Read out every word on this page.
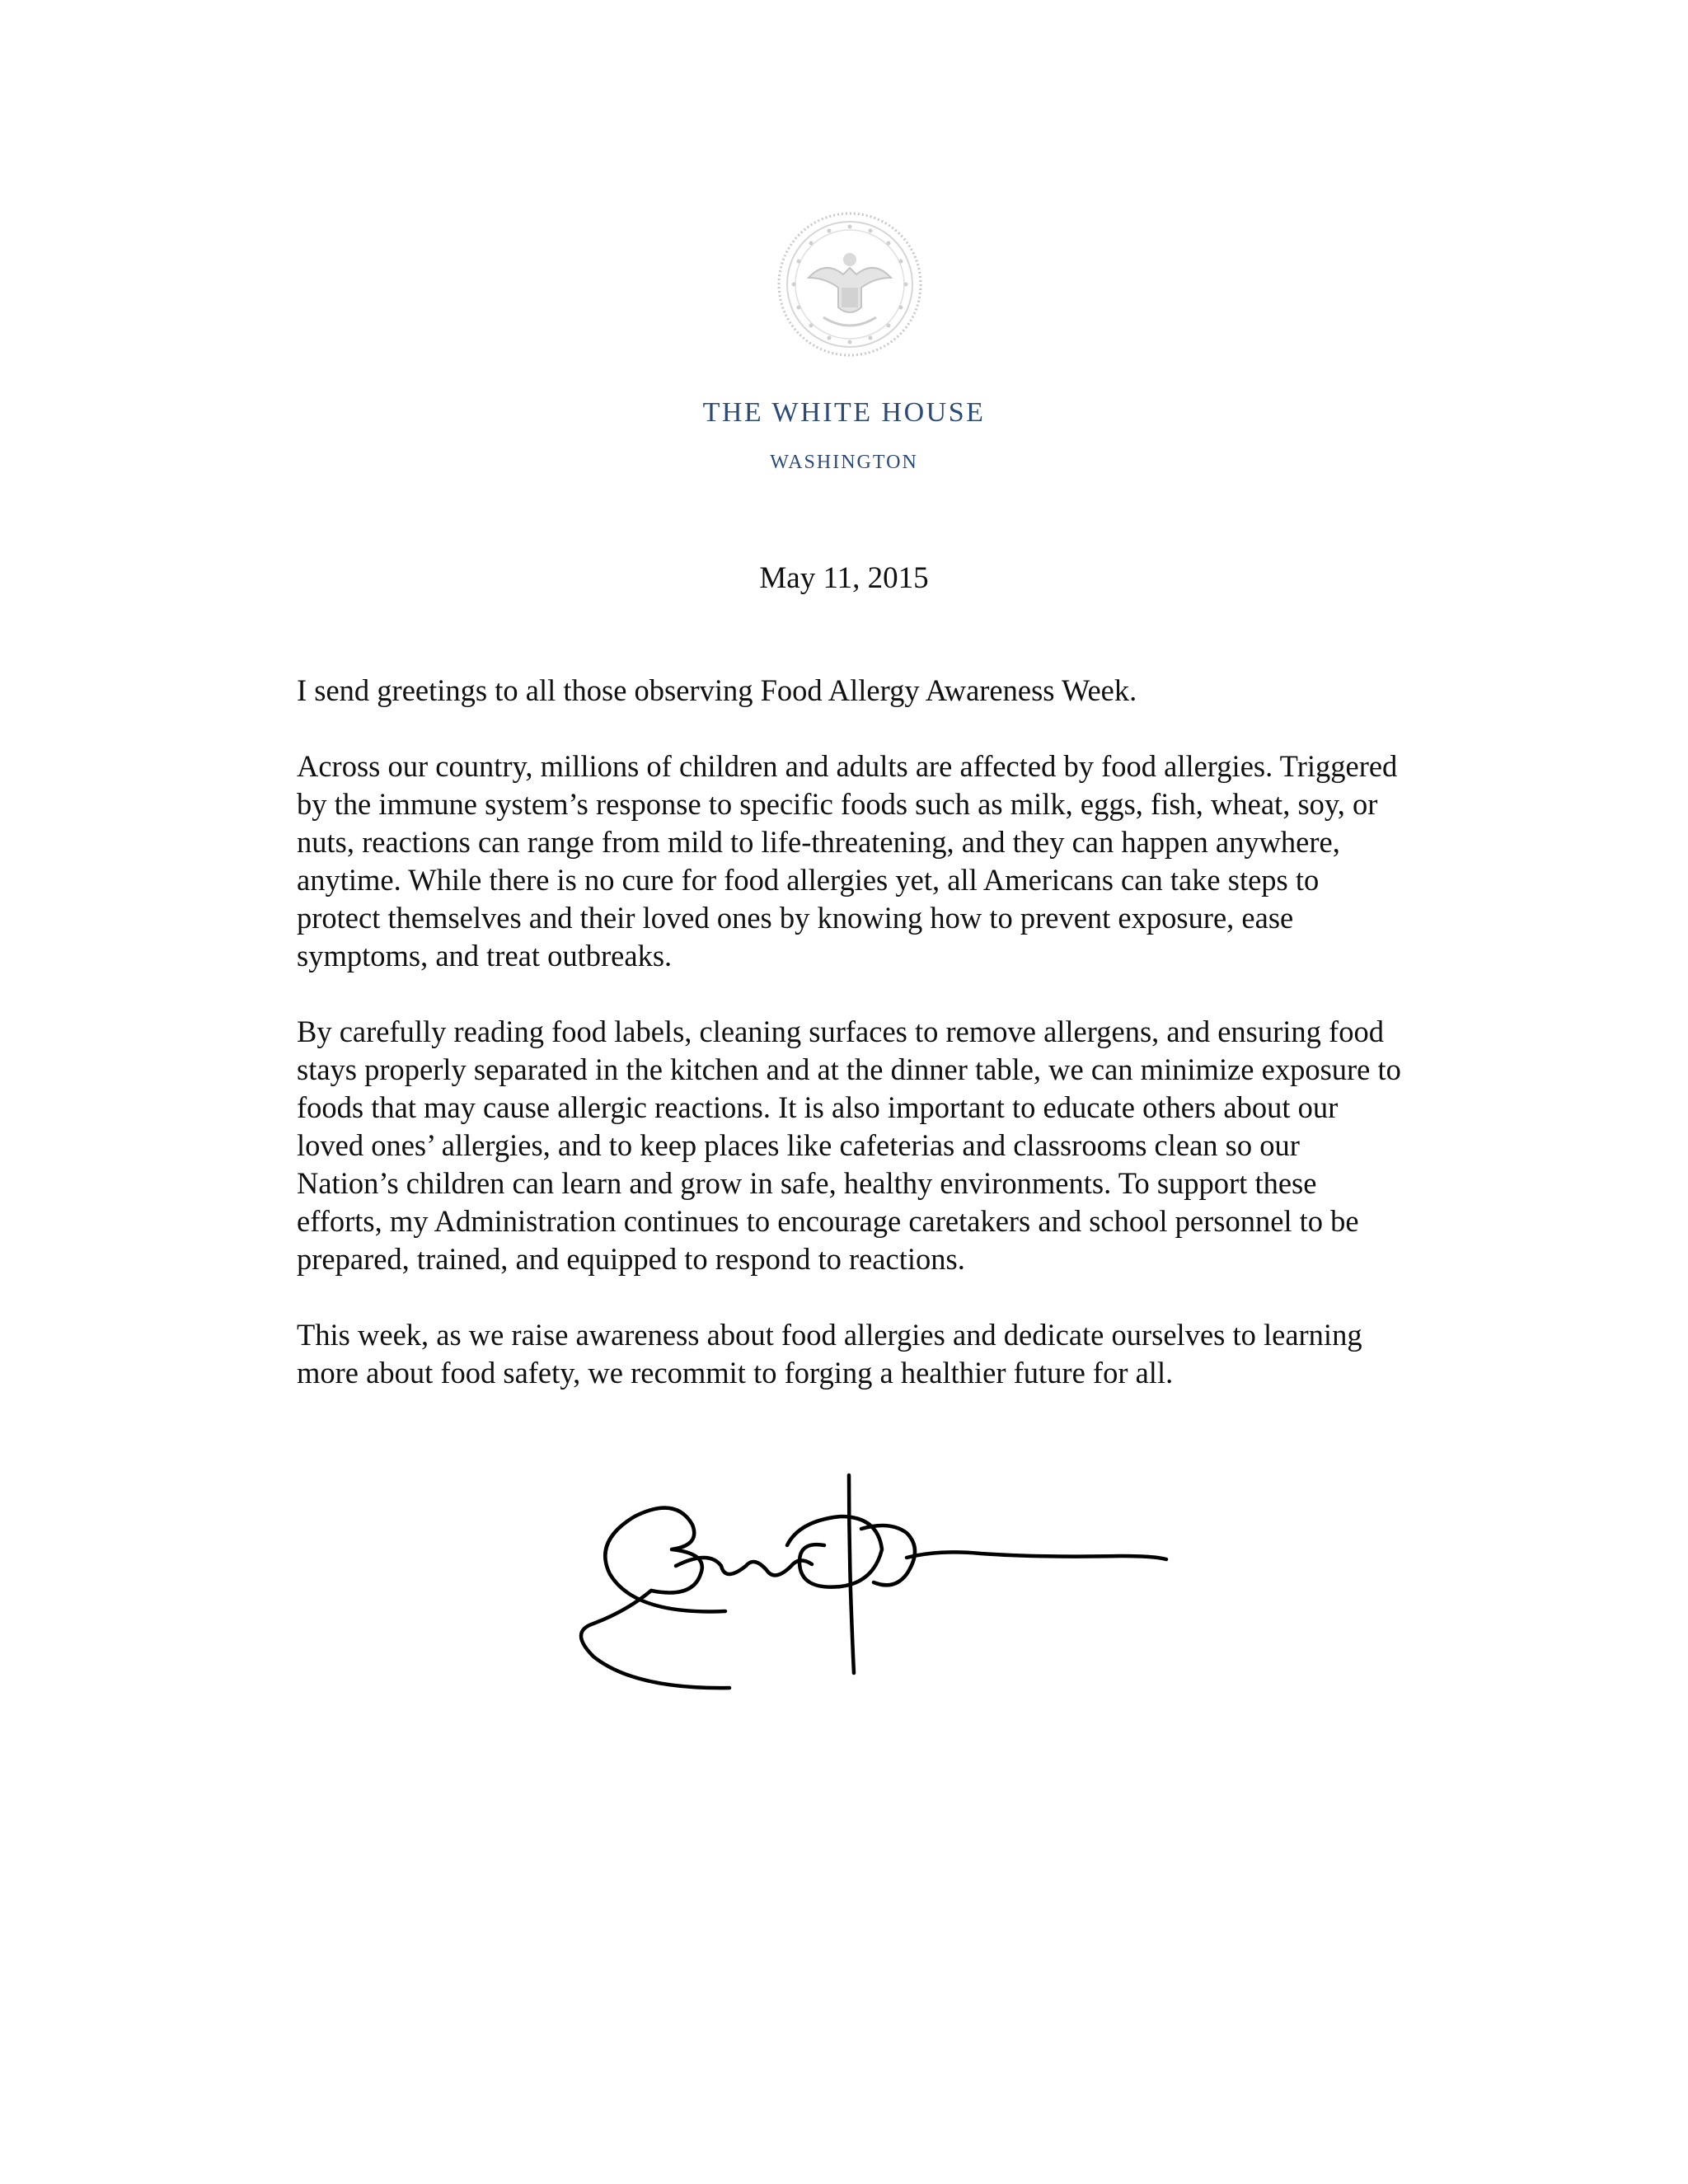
THE WHITE HOUSE
WASHINGTON
May 11, 2015

I send greetings to all those observing Food Allergy Awareness Week.

Across our country, millions of children and adults are affected by food allergies. Triggered by the immune system’s response to specific foods such as milk, eggs, fish, wheat, soy, or nuts, reactions can range from mild to life-threatening, and they can happen anywhere, anytime. While there is no cure for food allergies yet, all Americans can take steps to protect themselves and their loved ones by knowing how to prevent exposure, ease symptoms, and treat outbreaks.

By carefully reading food labels, cleaning surfaces to remove allergens, and ensuring food stays properly separated in the kitchen and at the dinner table, we can minimize exposure to foods that may cause allergic reactions. It is also important to educate others about our loved ones’ allergies, and to keep places like cafeterias and classrooms clean so our Nation’s children can learn and grow in safe, healthy environments. To support these efforts, my Administration continues to encourage caretakers and school personnel to be prepared, trained, and equipped to respond to reactions.

This week, as we raise awareness about food allergies and dedicate ourselves to learning more about food safety, we recommit to forging a healthier future for all.
